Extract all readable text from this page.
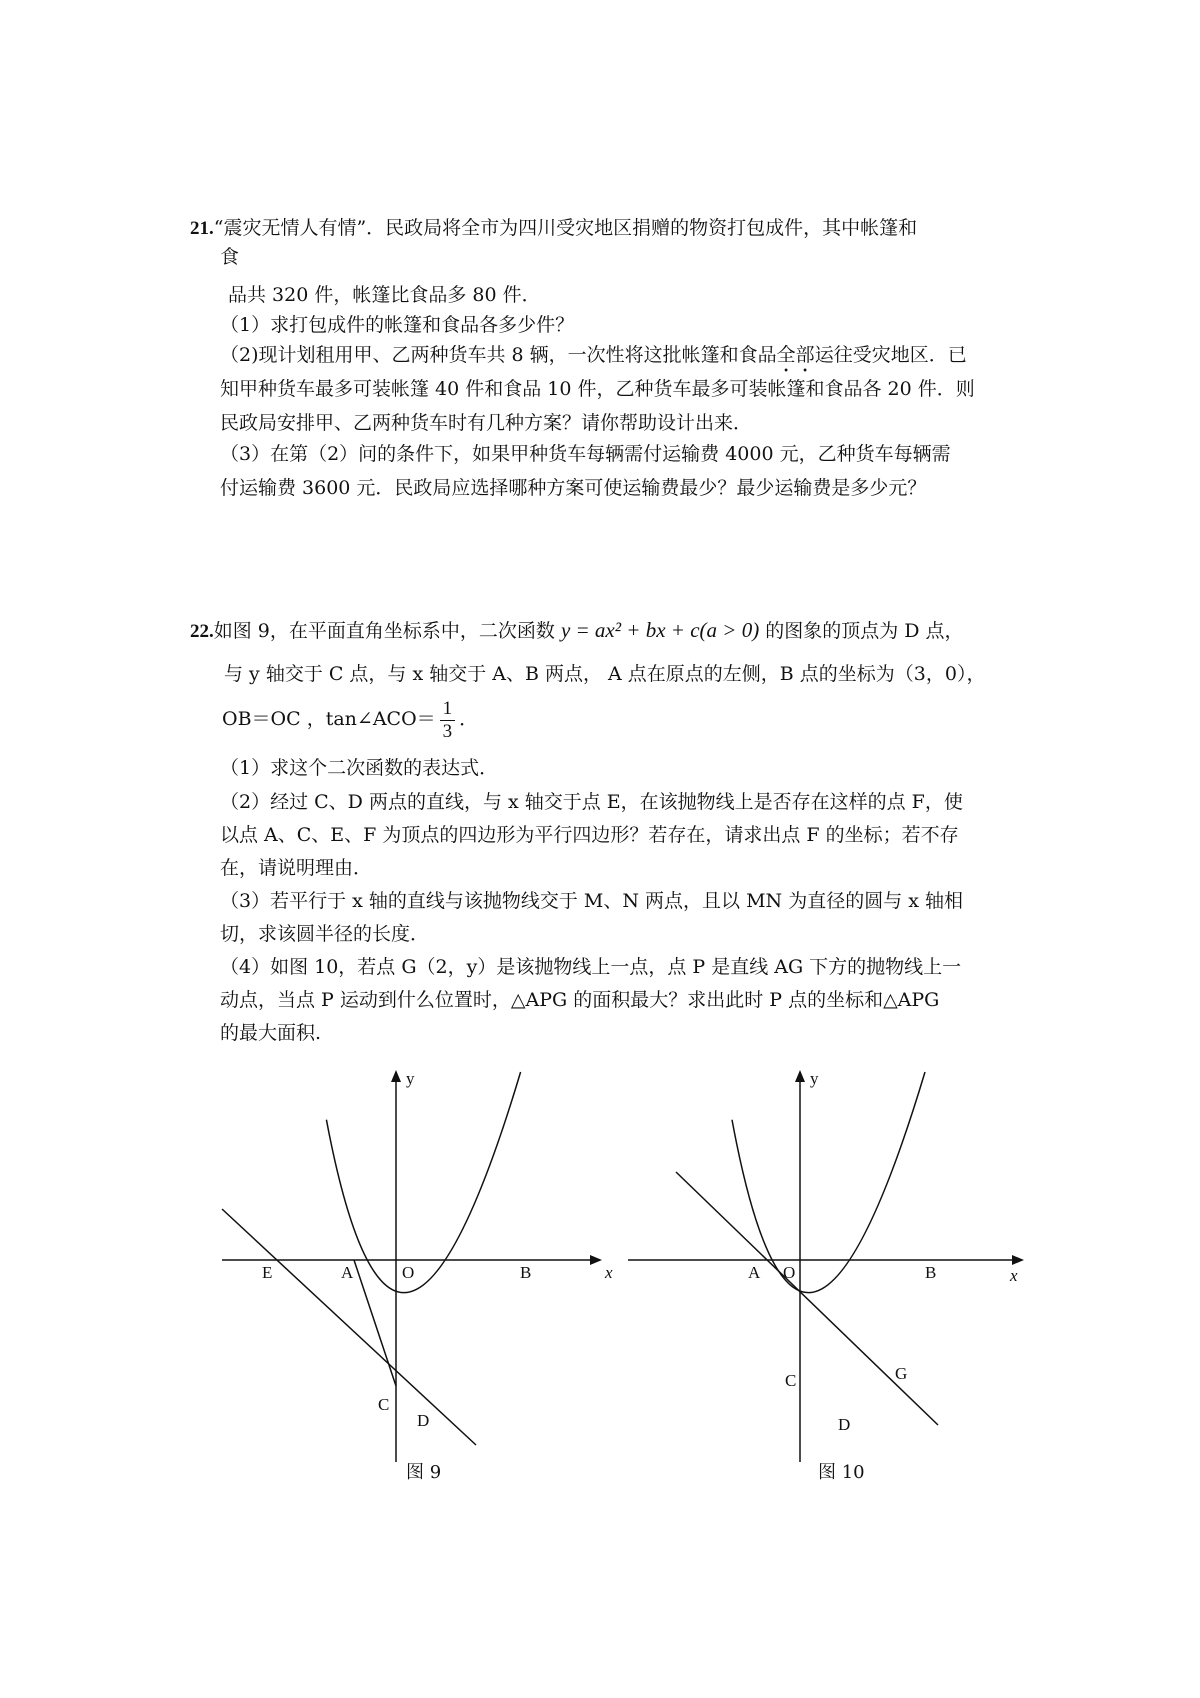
21.“震灾无情人有情”．民政局将全市为四川受灾地区捐赠的物资打包成件，其中帐篷和
食
品共 320 件，帐篷比食品多 80 件．
（1）求打包成件的帐篷和食品各多少件？
（2)现计划租用甲、乙两种货车共 8 辆，一次性将这批帐篷和食品全部运往受灾地区．已
知甲种货车最多可装帐篷 40 件和食品 10 件，乙种货车最多可装帐篷和食品各 20 件．则
民政局安排甲、乙两种货车时有几种方案？请你帮助设计出来．
（3）在第（2）问的条件下，如果甲种货车每辆需付运输费 4000 元，乙种货车每辆需
付运输费 3600 元．民政局应选择哪种方案可使运输费最少？最少运输费是多少元？
22.如图 9，在平面直角坐标系中，二次函数 y = ax² + bx + c(a > 0) 的图象的顶点为 D 点，
与 y 轴交于 C 点，与 x 轴交于 A、B 两点， A 点在原点的左侧，B 点的坐标为（3，0），
OB＝OC ，tan∠ACO＝ $\frac{1}{3}$ ．
（1）求这个二次函数的表达式．
（2）经过 C、D 两点的直线，与 x 轴交于点 E，在该抛物线上是否存在这样的点 F，使
以点 A、C、E、F 为顶点的四边形为平行四边形？若存在，请求出点 F 的坐标；若不存
在，请说明理由．
（3）若平行于 x 轴的直线与该抛物线交于 M、N 两点，且以 MN 为直径的圆与 x 轴相
切，求该圆半径的长度．
（4）如图 10，若点 G（2，y）是该抛物线上一点，点 P 是直线 AG 下方的抛物线上一
动点，当点 P 运动到什么位置时，△APG 的面积最大？求出此时 P 点的坐标和△APG
的最大面积.
E	A	O	B	x
y
C
D
A O	B	x
y
C
D
G
图 9	图 10
